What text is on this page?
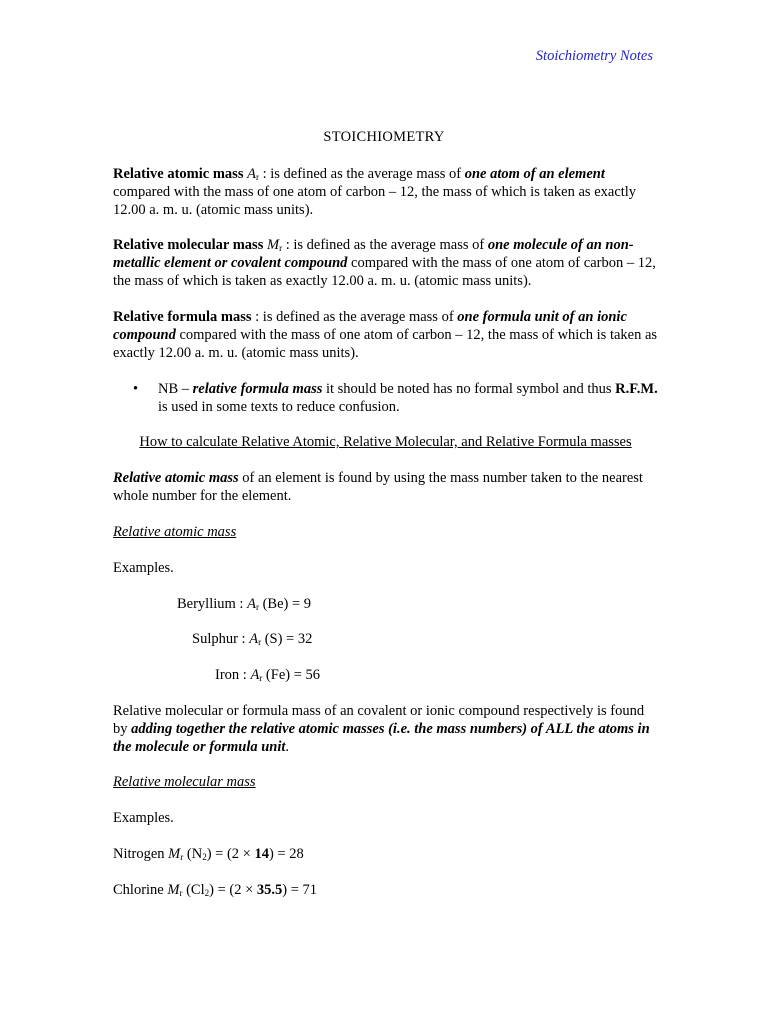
Stoichiometry Notes
STOICHIOMETRY
Relative atomic mass $A_r$ : is defined as the average mass of one atom of an element compared with the mass of one atom of carbon – 12, the mass of which is taken as exactly 12.00 a. m. u. (atomic mass units).
Relative molecular mass $M_r$ : is defined as the average mass of one molecule of an non-metallic element or covalent compound compared with the mass of one atom of carbon – 12, the mass of which is taken as exactly 12.00 a. m. u. (atomic mass units).
Relative formula mass : is defined as the average mass of one formula unit of an ionic compound compared with the mass of one atom of carbon – 12, the mass of which is taken as exactly 12.00 a. m. u. (atomic mass units).
• NB – relative formula mass it should be noted has no formal symbol and thus R.F.M. is used in some texts to reduce confusion.
How to calculate Relative Atomic, Relative Molecular, and Relative Formula masses
Relative atomic mass of an element is found by using the mass number taken to the nearest whole number for the element.
Relative atomic mass
Examples.
Beryllium : $A_r$ (Be) = 9
Sulphur : $A_r$ (S) = 32
Iron : $A_r$ (Fe) = 56
Relative molecular or formula mass of an covalent or ionic compound respectively is found by adding together the relative atomic masses (i.e. the mass numbers) of ALL the atoms in the molecule or formula unit.
Relative molecular mass
Examples.
Nitrogen $M_r$ $(N_2) = (2 \times 14) = 28$
Chlorine $M_r$ $(Cl_2) = (2 \times 35.5) = 71$
